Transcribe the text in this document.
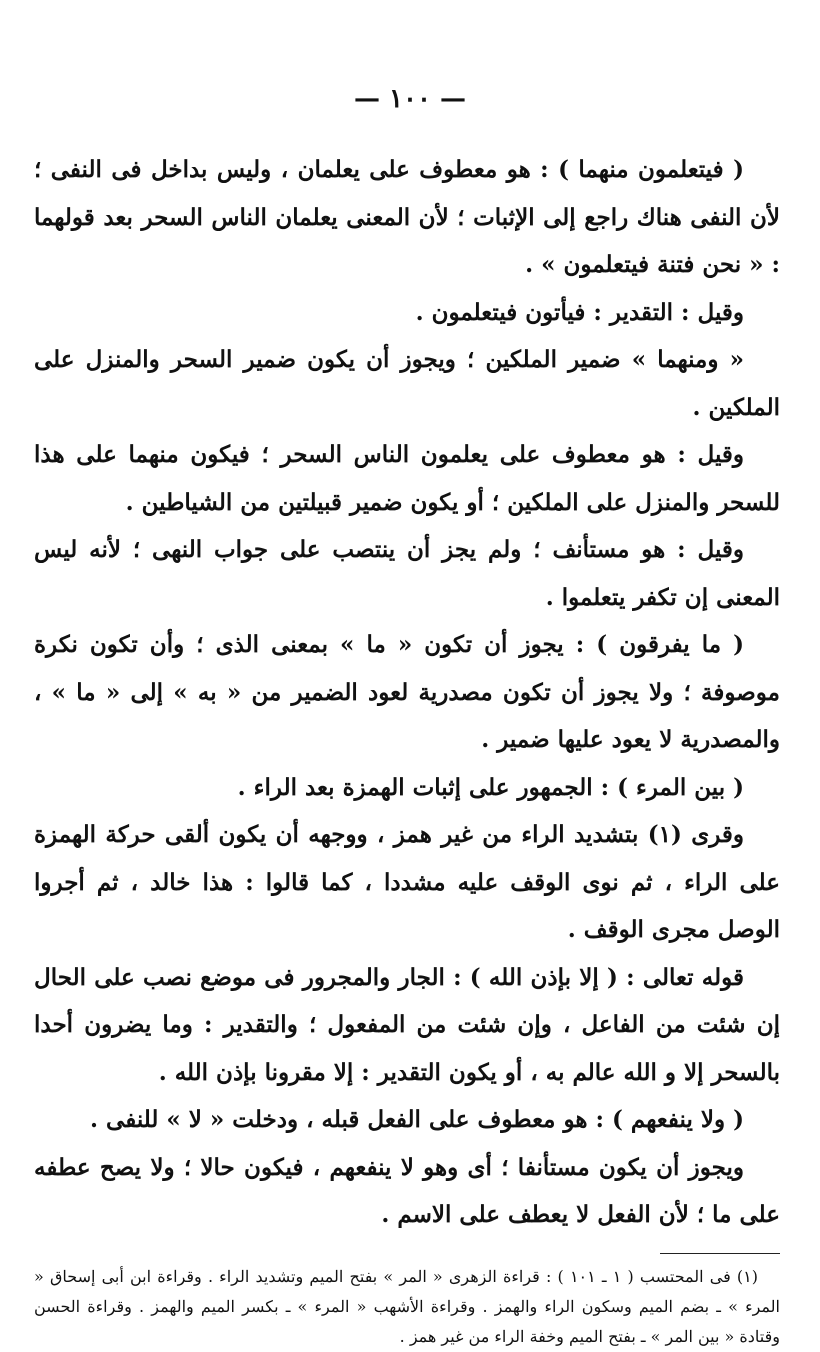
— ١٠٠ —

( فيتعلمون منهما ) : هو معطوف على يعلمان ، وليس بداخل فى النفى ؛ لأن النفى هناك راجع إلى الإثبات ؛ لأن المعنى يعلمان الناس السحر بعد قولهما : « نحن فتنة فيتعلمون » .

وقيل : التقدير : فيأتون فيتعلمون .

« ومنهما » ضمير الملكين ؛ ويجوز أن يكون ضمير السحر والمنزل على الملكين .

وقيل : هو معطوف على يعلمون الناس السحر ؛ فيكون منهما على هذا للسحر والمنزل على الملكين ؛ أو يكون ضمير قبيلتين من الشياطين .

وقيل : هو مستأنف ؛ ولم يجز أن ينتصب على جواب النهى ؛ لأنه ليس المعنى إن تكفر يتعلموا .

( ما يفرقون ) : يجوز أن تكون « ما » بمعنى الذى ؛ وأن تكون نكرة موصوفة ؛ ولا يجوز أن تكون مصدرية لعود الضمير من « به » إلى « ما » ، والمصدرية لا يعود عليها ضمير .

( بين المرء ) : الجمهور على إثبات الهمزة بعد الراء .

وقرى (١) بتشديد الراء من غير همز ، ووجهه أن يكون ألقى حركة الهمزة على الراء ، ثم نوى الوقف عليه مشددا ، كما قالوا : هذا خالد ، ثم أجروا الوصل مجرى الوقف .

قوله تعالى : ( إلا بإذن الله ) : الجار والمجرور فى موضع نصب على الحال إن شئت من الفاعل ، وإن شئت من المفعول ؛ والتقدير : وما يضرون أحدا بالسحر إلا و الله عالم به ، أو يكون التقدير : إلا مقرونا بإذن الله .

( ولا ينفعهم ) : هو معطوف على الفعل قبله ، ودخلت « لا » للنفى .

ويجوز أن يكون مستأنفا ؛ أى وهو لا ينفعهم ، فيكون حالا ؛ ولا يصح عطفه على ما ؛ لأن الفعل لا يعطف على الاسم .

(١) فى المحتسب ( ١ ـ ١٠١ ) : قراءة الزهرى « المر » بفتح الميم وتشديد الراء . وقراءة ابن أبى إسحاق « المرء » ـ بضم الميم وسكون الراء والهمز . وقراءة الأشهب « المرء » ـ بكسر الميم والهمز . وقراءة الحسن وقتادة « بين المر » ـ بفتح الميم وخفة الراء من غير همز .
